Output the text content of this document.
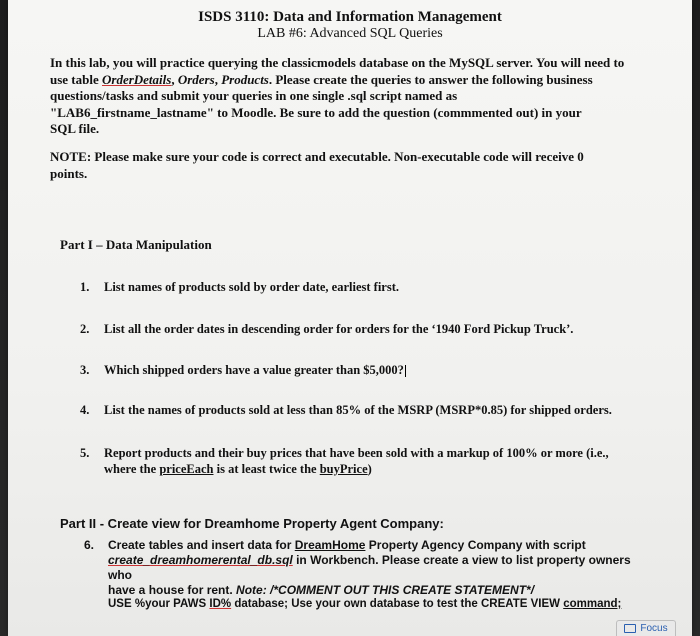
ISDS 3110: Data and Information Management
LAB #6: Advanced SQL Queries
In this lab, you will practice querying the classicmodels database on the MySQL server. You will need to
use table OrderDetails, Orders, Products. Please create the queries to answer the following business
questions/tasks and submit your queries in one single .sql script named as
"LAB6_firstname_lastname" to Moodle. Be sure to add the question (commmented out) in your
SQL file.
NOTE: Please make sure your code is correct and executable. Non-executable code will receive 0
points.
Part I – Data Manipulation
1. List names of products sold by order date, earliest first.
2. List all the order dates in descending order for orders for the ‘1940 Ford Pickup Truck’.
3. Which shipped orders have a value greater than $5,000?
4. List the names of products sold at less than 85% of the MSRP (MSRP*0.85) for shipped orders.
5. Report products and their buy prices that have been sold with a markup of 100% or more (i.e.,
where the priceEach is at least twice the buyPrice)
Part II - Create view for Dreamhome Property Agent Company:
6. Create tables and insert data for DreamHome Property Agency Company with script
create_dreamhomerental_db.sql in Workbench. Please create a view to list property owners who
have a house for rent. Note: /*COMMENT OUT THIS CREATE STATEMENT*/
USE %your PAWS ID% database; Use your own database to test the CREATE VIEW command;
Focus
